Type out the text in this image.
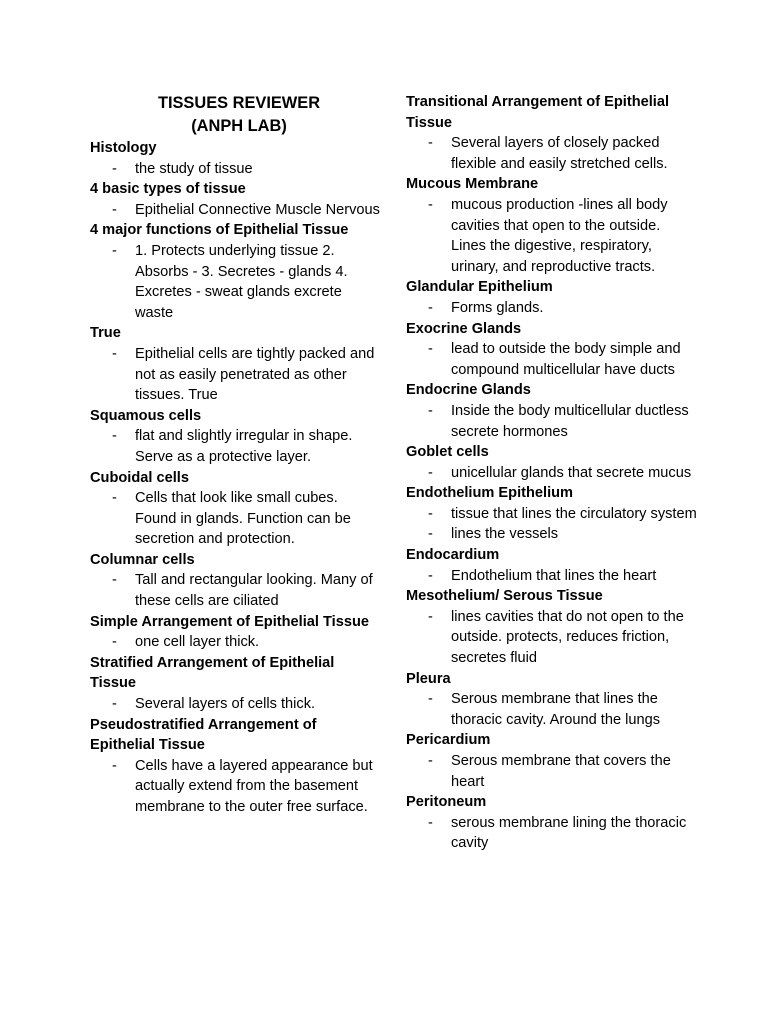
TISSUES REVIEWER
(ANPH LAB)
Histology
- the study of tissue
4 basic types of tissue
- Epithelial Connective Muscle Nervous
4 major functions of Epithelial Tissue
- 1. Protects underlying tissue 2. Absorbs - 3. Secretes - glands 4. Excretes - sweat glands excrete waste
True
- Epithelial cells are tightly packed and not as easily penetrated as other tissues. True
Squamous cells
- flat and slightly irregular in shape. Serve as a protective layer.
Cuboidal cells
- Cells that look like small cubes. Found in glands. Function can be secretion and protection.
Columnar cells
- Tall and rectangular looking. Many of these cells are ciliated
Simple Arrangement of Epithelial Tissue
- one cell layer thick.
Stratified Arrangement of Epithelial Tissue
- Several layers of cells thick.
Pseudostratified Arrangement of Epithelial Tissue
- Cells have a layered appearance but actually extend from the basement membrane to the outer free surface.
Transitional Arrangement of Epithelial Tissue
- Several layers of closely packed flexible and easily stretched cells.
Mucous Membrane
- mucous production -lines all body cavities that open to the outside. Lines the digestive, respiratory, urinary, and reproductive tracts.
Glandular Epithelium
- Forms glands.
Exocrine Glands
- lead to outside the body simple and compound multicellular have ducts
Endocrine Glands
- Inside the body multicellular ductless secrete hormones
Goblet cells
- unicellular glands that secrete mucus
Endothelium Epithelium
- tissue that lines the circulatory system
- lines the vessels
Endocardium
- Endothelium that lines the heart
Mesothelium/ Serous Tissue
- lines cavities that do not open to the outside. protects, reduces friction, secretes fluid
Pleura
- Serous membrane that lines the thoracic cavity. Around the lungs
Pericardium
- Serous membrane that covers the heart
Peritoneum
- serous membrane lining the thoracic cavity
